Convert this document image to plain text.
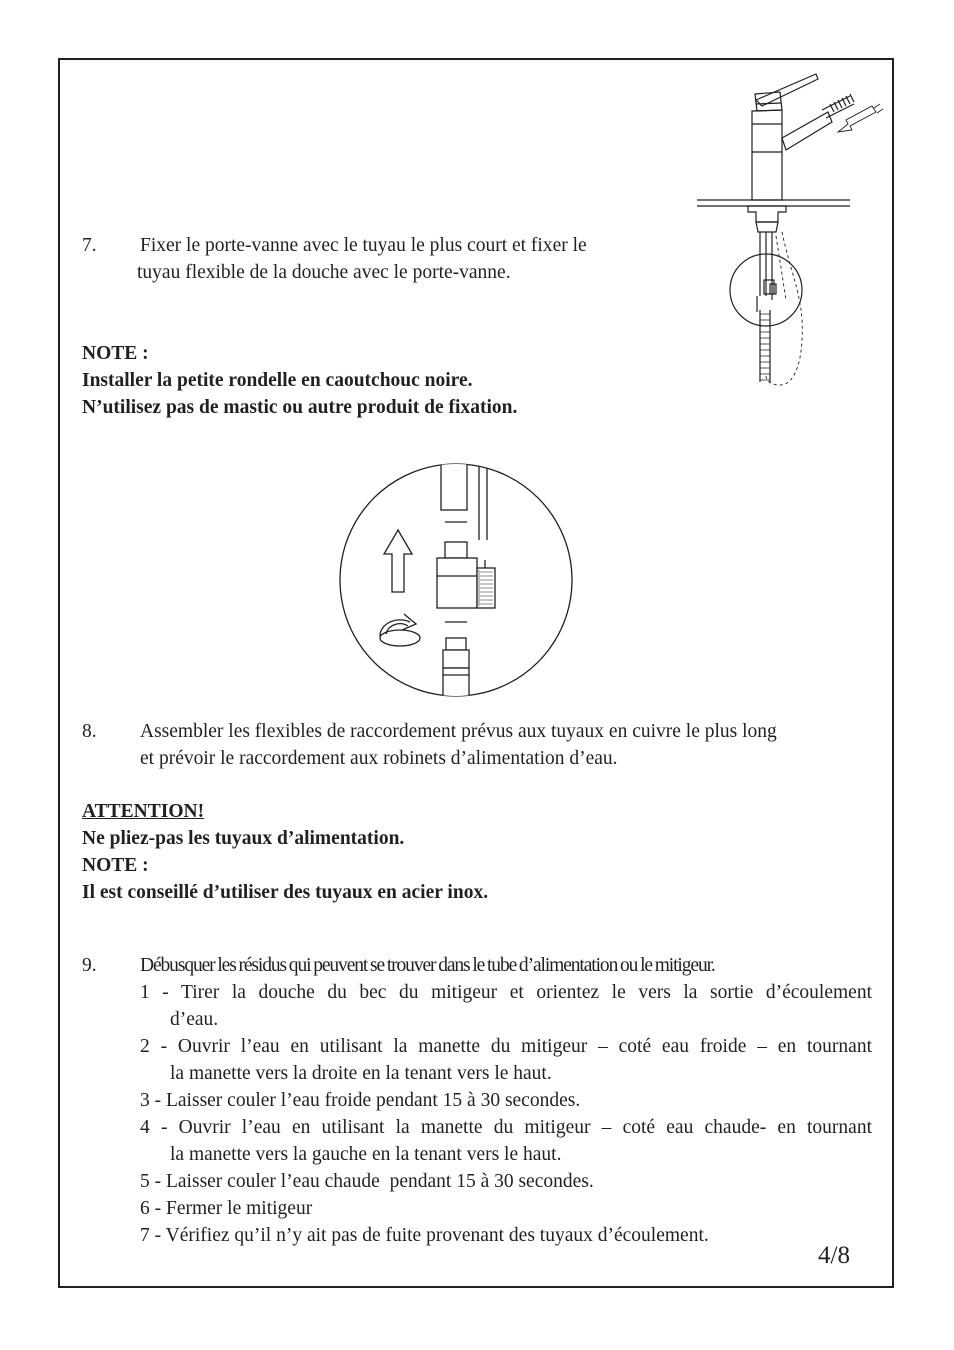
7. Fixer le porte-vanne avec le tuyau le plus court et fixer le
tuyau flexible de la douche avec le porte-vanne.
NOTE :
Installer la petite rondelle en caoutchouc noire.
N’utilisez pas de mastic ou autre produit de fixation.
8. Assembler les flexibles de raccordement prévus aux tuyaux en cuivre le plus long
et prévoir le raccordement aux robinets d’alimentation d’eau.
ATTENTION!
Ne pliez-pas les tuyaux d’alimentation.
NOTE :
Il est conseillé d’utiliser des tuyaux en acier inox.
9. Débusquer les résidus qui peuvent se trouver dans le tube d’alimentation ou le mitigeur.
1 - Tirer la douche du bec du mitigeur et orientez le vers la sortie d’écoulement
d’eau.
2 - Ouvrir l’eau en utilisant la manette du mitigeur – coté eau froide – en tournant
la manette vers la droite en la tenant vers le haut.
3 - Laisser couler l’eau froide pendant 15 à 30 secondes.
4 - Ouvrir l’eau en utilisant la manette du mitigeur – coté eau chaude- en tournant
la manette vers la gauche en la tenant vers le haut.
5 - Laisser couler l’eau chaude  pendant 15 à 30 secondes.
6 - Fermer le mitigeur
7 - Vérifiez qu’il n’y ait pas de fuite provenant des tuyaux d’écoulement.
4/8
